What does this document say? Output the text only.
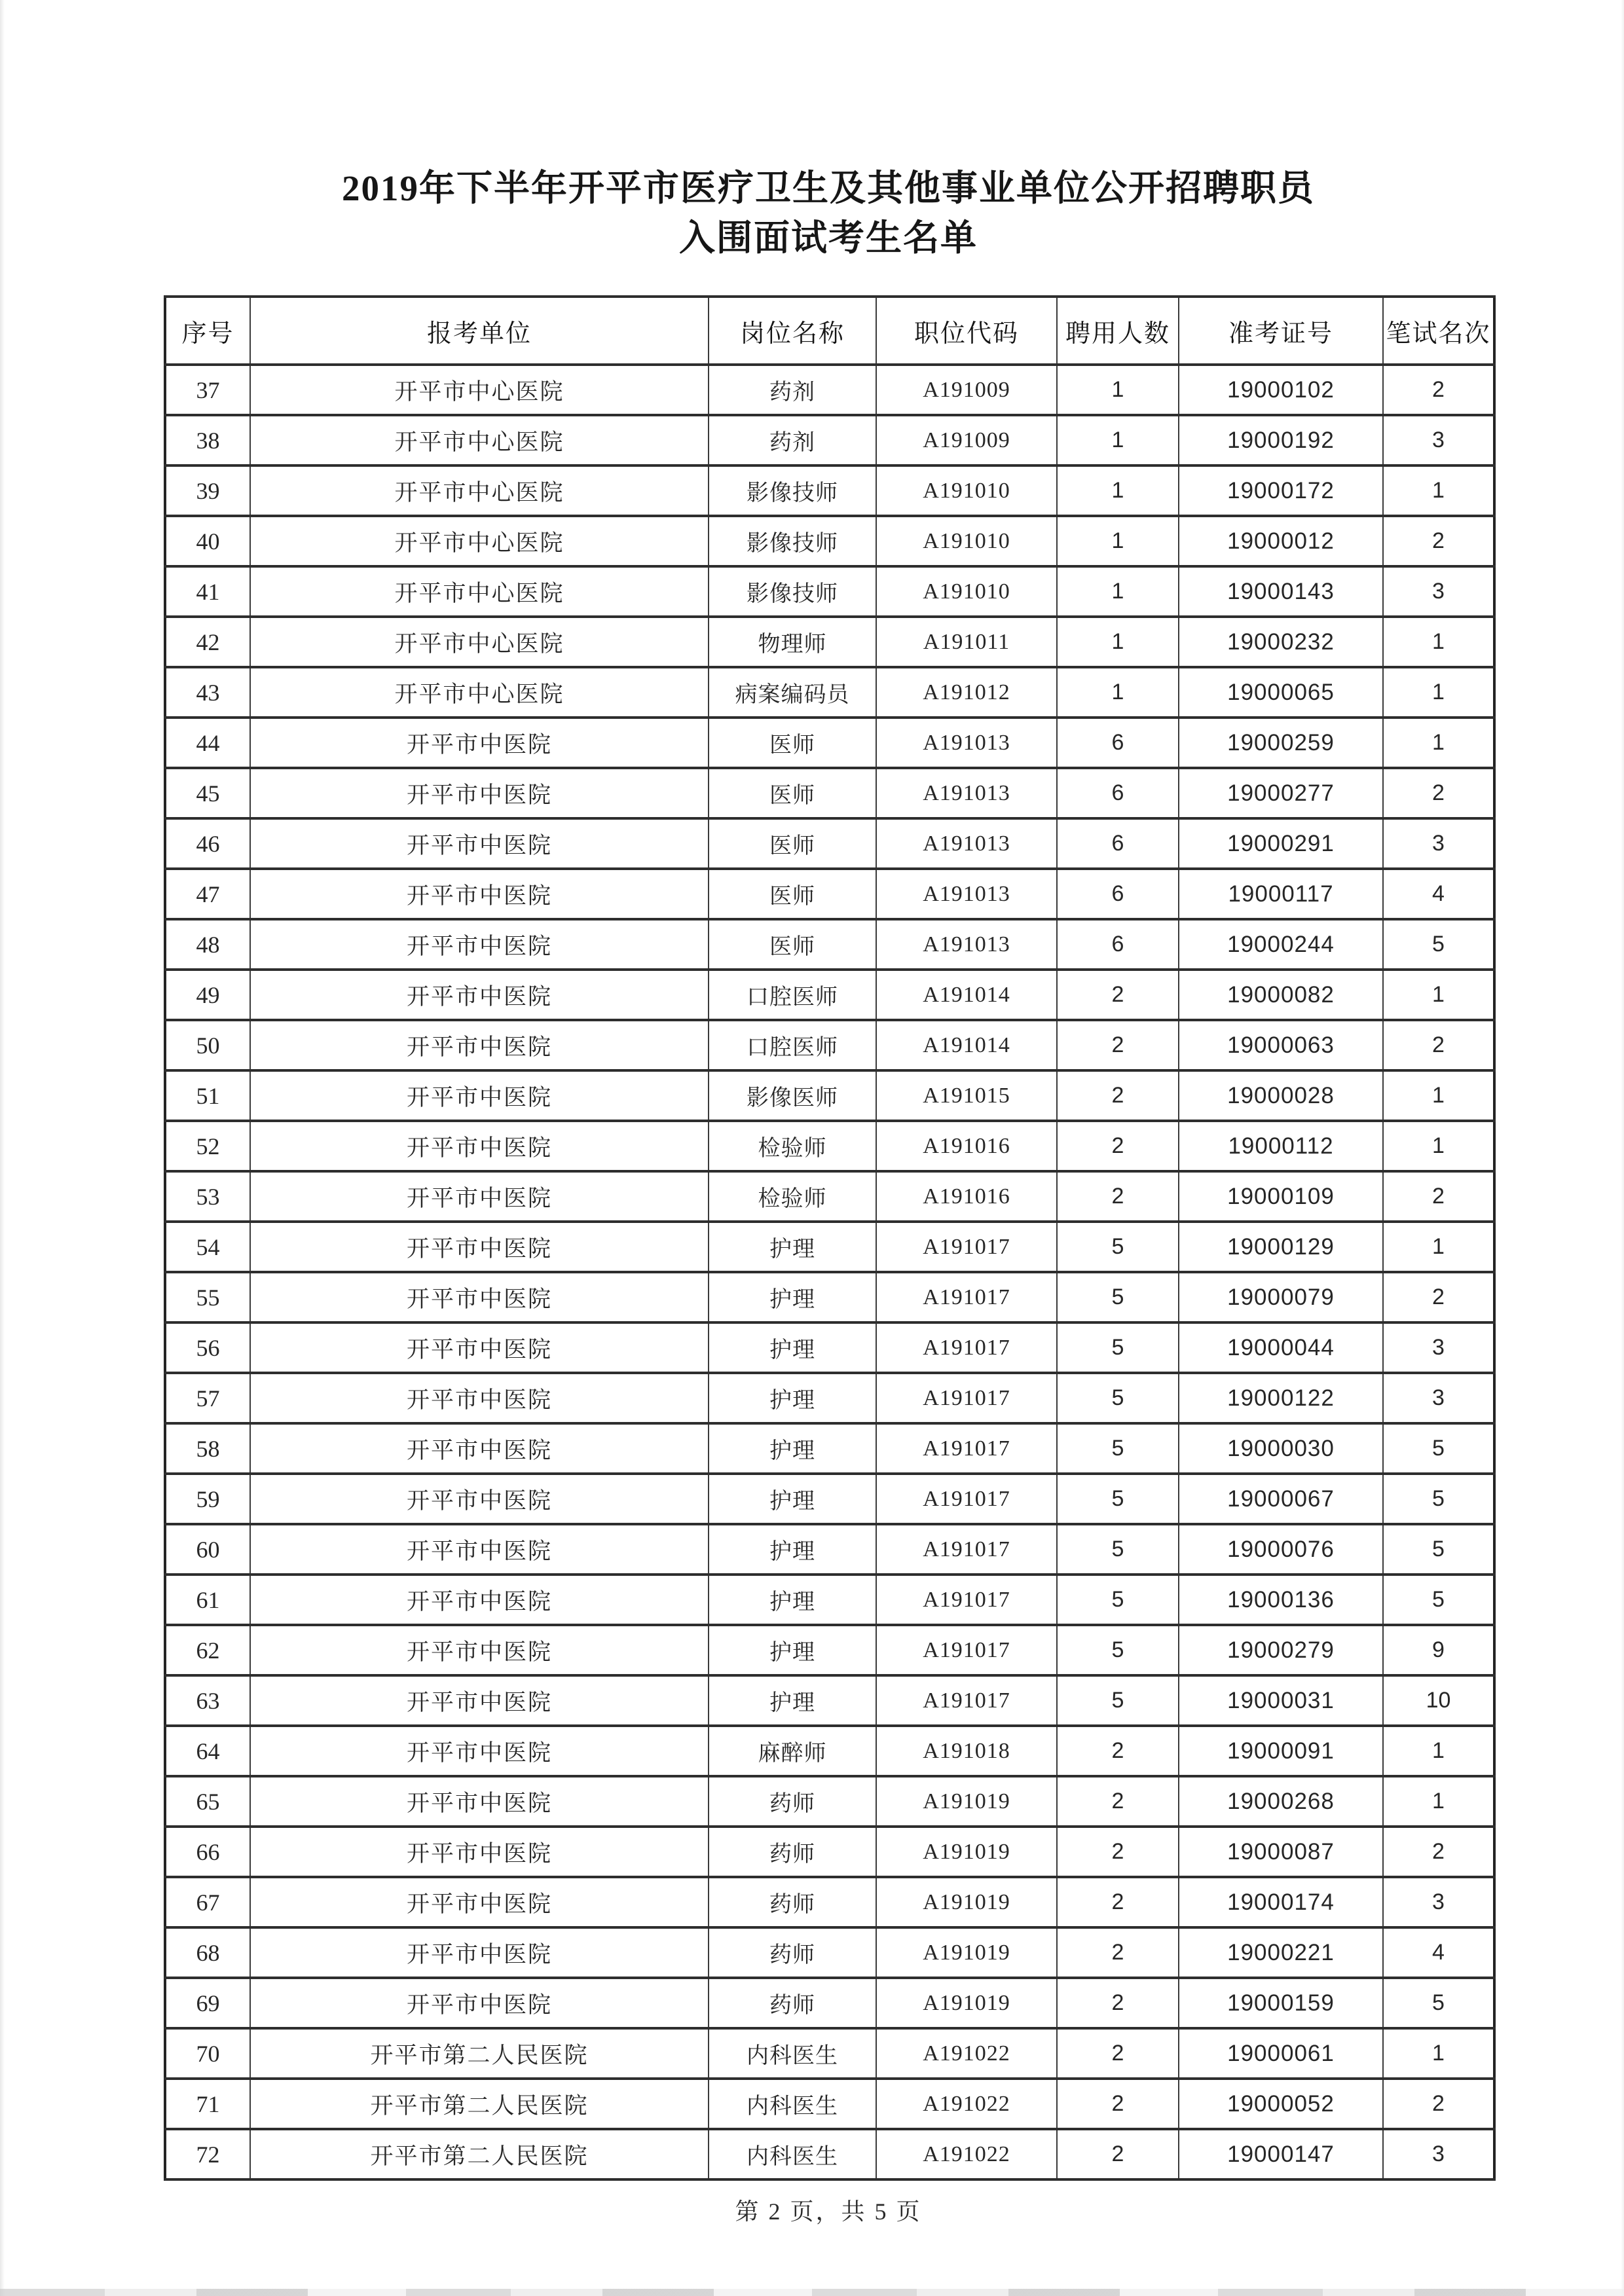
2019年下半年开平市医疗卫生及其他事业单位公开招聘职员
入围面试考生名单
序号	报考单位	岗位名称	职位代码	聘用人数	准考证号	笔试名次
37	开平市中心医院	药剂	A191009	1	19000102	2
38	开平市中心医院	药剂	A191009	1	19000192	3
39	开平市中心医院	影像技师	A191010	1	19000172	1
40	开平市中心医院	影像技师	A191010	1	19000012	2
41	开平市中心医院	影像技师	A191010	1	19000143	3
42	开平市中心医院	物理师	A191011	1	19000232	1
43	开平市中心医院	病案编码员	A191012	1	19000065	1
44	开平市中医院	医师	A191013	6	19000259	1
45	开平市中医院	医师	A191013	6	19000277	2
46	开平市中医院	医师	A191013	6	19000291	3
47	开平市中医院	医师	A191013	6	19000117	4
48	开平市中医院	医师	A191013	6	19000244	5
49	开平市中医院	口腔医师	A191014	2	19000082	1
50	开平市中医院	口腔医师	A191014	2	19000063	2
51	开平市中医院	影像医师	A191015	2	19000028	1
52	开平市中医院	检验师	A191016	2	19000112	1
53	开平市中医院	检验师	A191016	2	19000109	2
54	开平市中医院	护理	A191017	5	19000129	1
55	开平市中医院	护理	A191017	5	19000079	2
56	开平市中医院	护理	A191017	5	19000044	3
57	开平市中医院	护理	A191017	5	19000122	3
58	开平市中医院	护理	A191017	5	19000030	5
59	开平市中医院	护理	A191017	5	19000067	5
60	开平市中医院	护理	A191017	5	19000076	5
61	开平市中医院	护理	A191017	5	19000136	5
62	开平市中医院	护理	A191017	5	19000279	9
63	开平市中医院	护理	A191017	5	19000031	10
64	开平市中医院	麻醉师	A191018	2	19000091	1
65	开平市中医院	药师	A191019	2	19000268	1
66	开平市中医院	药师	A191019	2	19000087	2
67	开平市中医院	药师	A191019	2	19000174	3
68	开平市中医院	药师	A191019	2	19000221	4
69	开平市中医院	药师	A191019	2	19000159	5
70	开平市第二人民医院	内科医生	A191022	2	19000061	1
71	开平市第二人民医院	内科医生	A191022	2	19000052	2
72	开平市第二人民医院	内科医生	A191022	2	19000147	3
第 2 页，共 5 页
